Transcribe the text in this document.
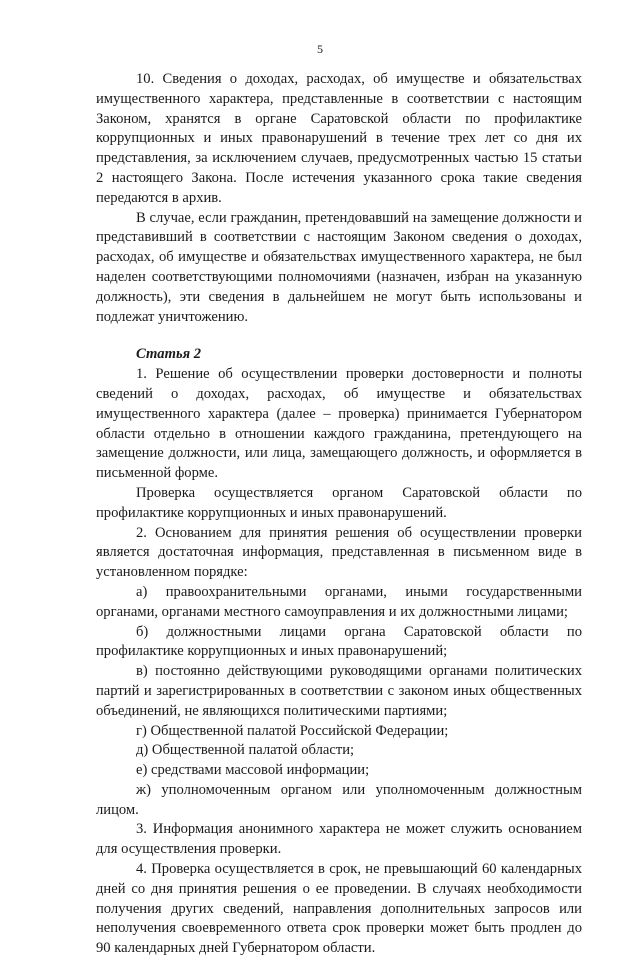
5

10. Сведения о доходах, расходах, об имуществе и обязательствах имущественного характера, представленные в соответствии с настоящим Законом, хранятся в органе Саратовской области по профилактике коррупционных и иных правонарушений в течение трех лет со дня их представления, за исключением случаев, предусмотренных частью 15 статьи 2 настоящего Закона. После истечения указанного срока такие сведения передаются в архив.

В случае, если гражданин, претендовавший на замещение должности и представивший в соответствии с настоящим Законом сведения о доходах, расходах, об имуществе и обязательствах имущественного характера, не был наделен соответствующими полномочиями (назначен, избран на указанную должность), эти сведения в дальнейшем не могут быть использованы и подлежат уничтожению.

Статья 2

1. Решение об осуществлении проверки достоверности и полноты сведений о доходах, расходах, об имуществе и обязательствах имущественного характера (далее – проверка) принимается Губернатором области отдельно в отношении каждого гражданина, претендующего на замещение должности, или лица, замещающего должность, и оформляется в письменной форме.

Проверка осуществляется органом Саратовской области по профилактике коррупционных и иных правонарушений.

2. Основанием для принятия решения об осуществлении проверки является достаточная информация, представленная в письменном виде в установленном порядке:

а) правоохранительными органами, иными государственными органами, органами местного самоуправления и их должностными лицами;

б) должностными лицами органа Саратовской области по профилактике коррупционных и иных правонарушений;

в) постоянно действующими руководящими органами политических партий и зарегистрированных в соответствии с законом иных общественных объединений, не являющихся политическими партиями;

г) Общественной палатой Российской Федерации;

д) Общественной палатой области;

е) средствами массовой информации;

ж) уполномоченным органом или уполномоченным должностным лицом.

3. Информация анонимного характера не может служить основанием для осуществления проверки.

4. Проверка осуществляется в срок, не превышающий 60 календарных дней со дня принятия решения о ее проведении. В случаях необходимости получения других сведений, направления дополнительных запросов или неполучения своевременного ответа срок проверки может быть продлен до 90 календарных дней Губернатором области.
